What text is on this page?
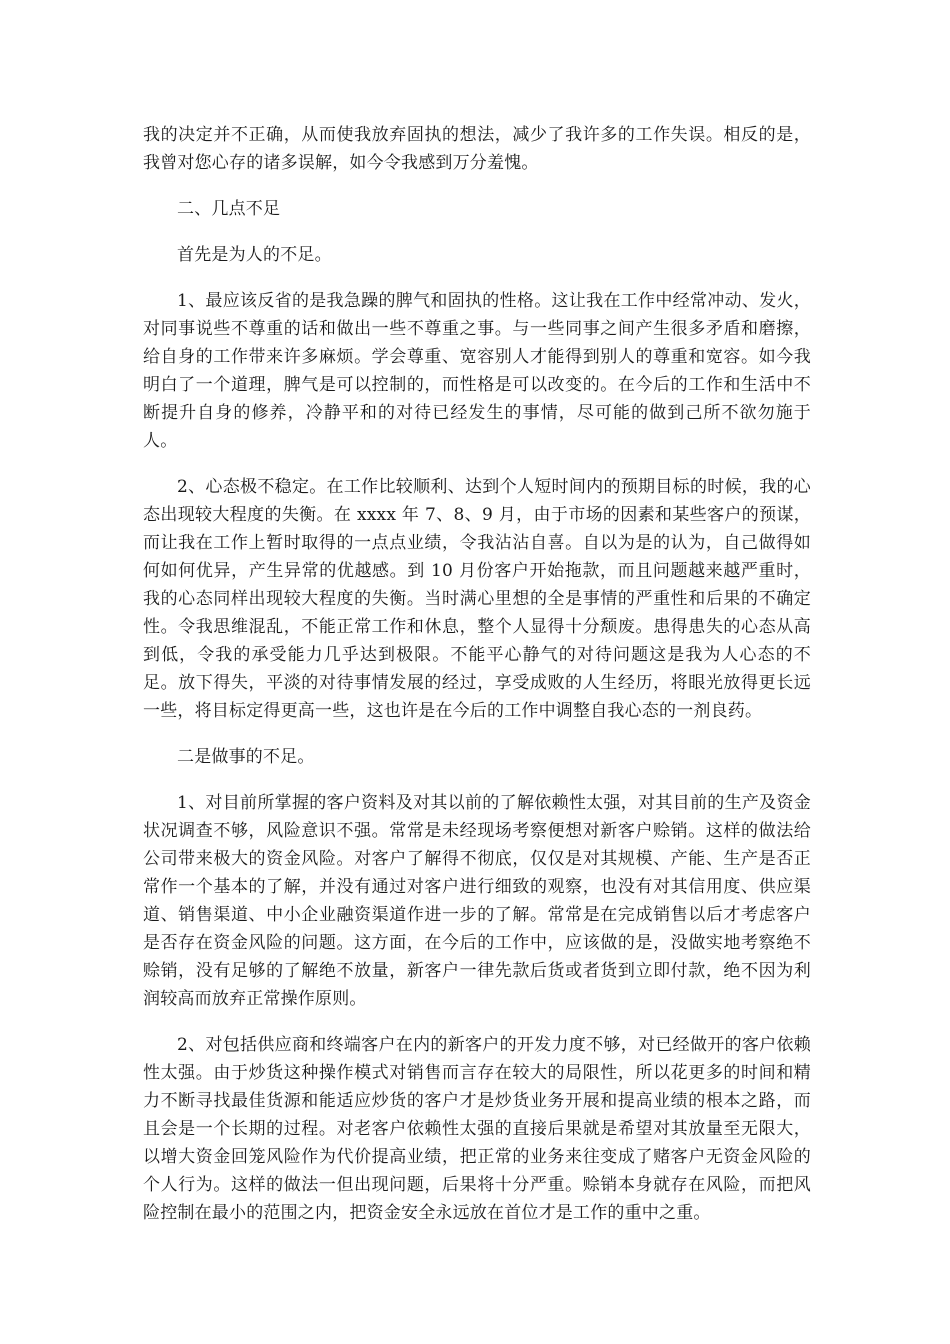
我的决定并不正确，从而使我放弃固执的想法，减少了我许多的工作失误。相反的是，我曾对您心存的诸多误解，如今令我感到万分羞愧。

二、几点不足

首先是为人的不足。

1、最应该反省的是我急躁的脾气和固执的性格。这让我在工作中经常冲动、发火，对同事说些不尊重的话和做出一些不尊重之事。与一些同事之间产生很多矛盾和磨擦，给自身的工作带来许多麻烦。学会尊重、宽容别人才能得到别人的尊重和宽容。如今我明白了一个道理，脾气是可以控制的，而性格是可以改变的。在今后的工作和生活中不断提升自身的修养，冷静平和的对待已经发生的事情，尽可能的做到己所不欲勿施于人。

2、心态极不稳定。在工作比较顺利、达到个人短时间内的预期目标的时候，我的心态出现较大程度的失衡。在 xxxx 年 7、8、9 月，由于市场的因素和某些客户的预谋，而让我在工作上暂时取得的一点点业绩，令我沾沾自喜。自以为是的认为，自己做得如何如何优异，产生异常的优越感。到 10 月份客户开始拖款，而且问题越来越严重时，我的心态同样出现较大程度的失衡。当时满心里想的全是事情的严重性和后果的不确定性。令我思维混乱，不能正常工作和休息，整个人显得十分颓废。患得患失的心态从高到低，令我的承受能力几乎达到极限。不能平心静气的对待问题这是我为人心态的不足。放下得失，平淡的对待事情发展的经过，享受成败的人生经历，将眼光放得更长远一些，将目标定得更高一些，这也许是在今后的工作中调整自我心态的一剂良药。

二是做事的不足。

1、对目前所掌握的客户资料及对其以前的了解依赖性太强，对其目前的生产及资金状况调查不够，风险意识不强。常常是未经现场考察便想对新客户赊销。这样的做法给公司带来极大的资金风险。对客户了解得不彻底，仅仅是对其规模、产能、生产是否正常作一个基本的了解，并没有通过对客户进行细致的观察，也没有对其信用度、供应渠道、销售渠道、中小企业融资渠道作进一步的了解。常常是在完成销售以后才考虑客户是否存在资金风险的问题。这方面，在今后的工作中，应该做的是，没做实地考察绝不赊销，没有足够的了解绝不放量，新客户一律先款后货或者货到立即付款，绝不因为利润较高而放弃正常操作原则。

2、对包括供应商和终端客户在内的新客户的开发力度不够，对已经做开的客户依赖性太强。由于炒货这种操作模式对销售而言存在较大的局限性，所以花更多的时间和精力不断寻找最佳货源和能适应炒货的客户才是炒货业务开展和提高业绩的根本之路，而且会是一个长期的过程。对老客户依赖性太强的直接后果就是希望对其放量至无限大，以增大资金回笼风险作为代价提高业绩，把正常的业务来往变成了赌客户无资金风险的个人行为。这样的做法一但出现问题，后果将十分严重。赊销本身就存在风险，而把风险控制在最小的范围之内，把资金安全永远放在首位才是工作的重中之重。
